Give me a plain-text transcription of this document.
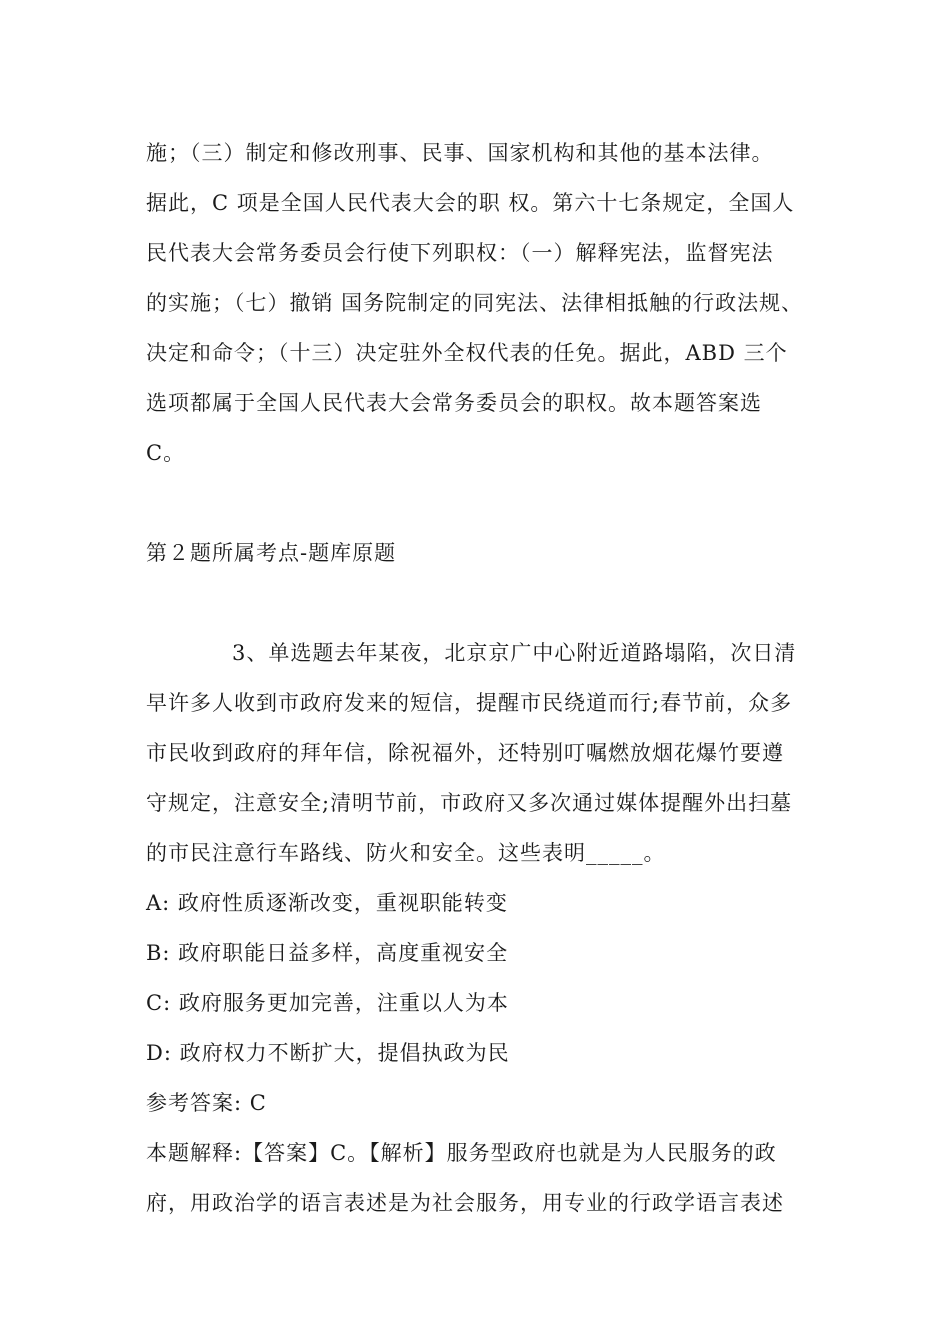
施；（三）制定和修改刑事、民事、国家机构和其他的基本法律。
据此，C 项是全国人民代表大会的职 权。第六十七条规定，全国人
民代表大会常务委员会行使下列职权：（一）解释宪法，监督宪法
的实施；（七）撤销 国务院制定的同宪法、法律相抵触的行政法规、
决定和命令；（十三）决定驻外全权代表的任免。据此，ABD 三个
选项都属于全国人民代表大会常务委员会的职权。故本题答案选
C。
第２题所属考点-题库原题
3、单选题去年某夜，北京京广中心附近道路塌陷，次日清
早许多人收到市政府发来的短信，提醒市民绕道而行;春节前，众多
市民收到政府的拜年信，除祝福外，还特别叮嘱燃放烟花爆竹要遵
守规定，注意安全;清明节前，市政府又多次通过媒体提醒外出扫墓
的市民注意行车路线、防火和安全。这些表明_____。
A: 政府性质逐渐改变，重视职能转变
B: 政府职能日益多样，高度重视安全
C: 政府服务更加完善，注重以人为本
D: 政府权力不断扩大，提倡执政为民
参考答案: C
本题解释:【答案】C。【解析】服务型政府也就是为人民服务的政
府，用政治学的语言表述是为社会服务，用专业的行政学语言表述
